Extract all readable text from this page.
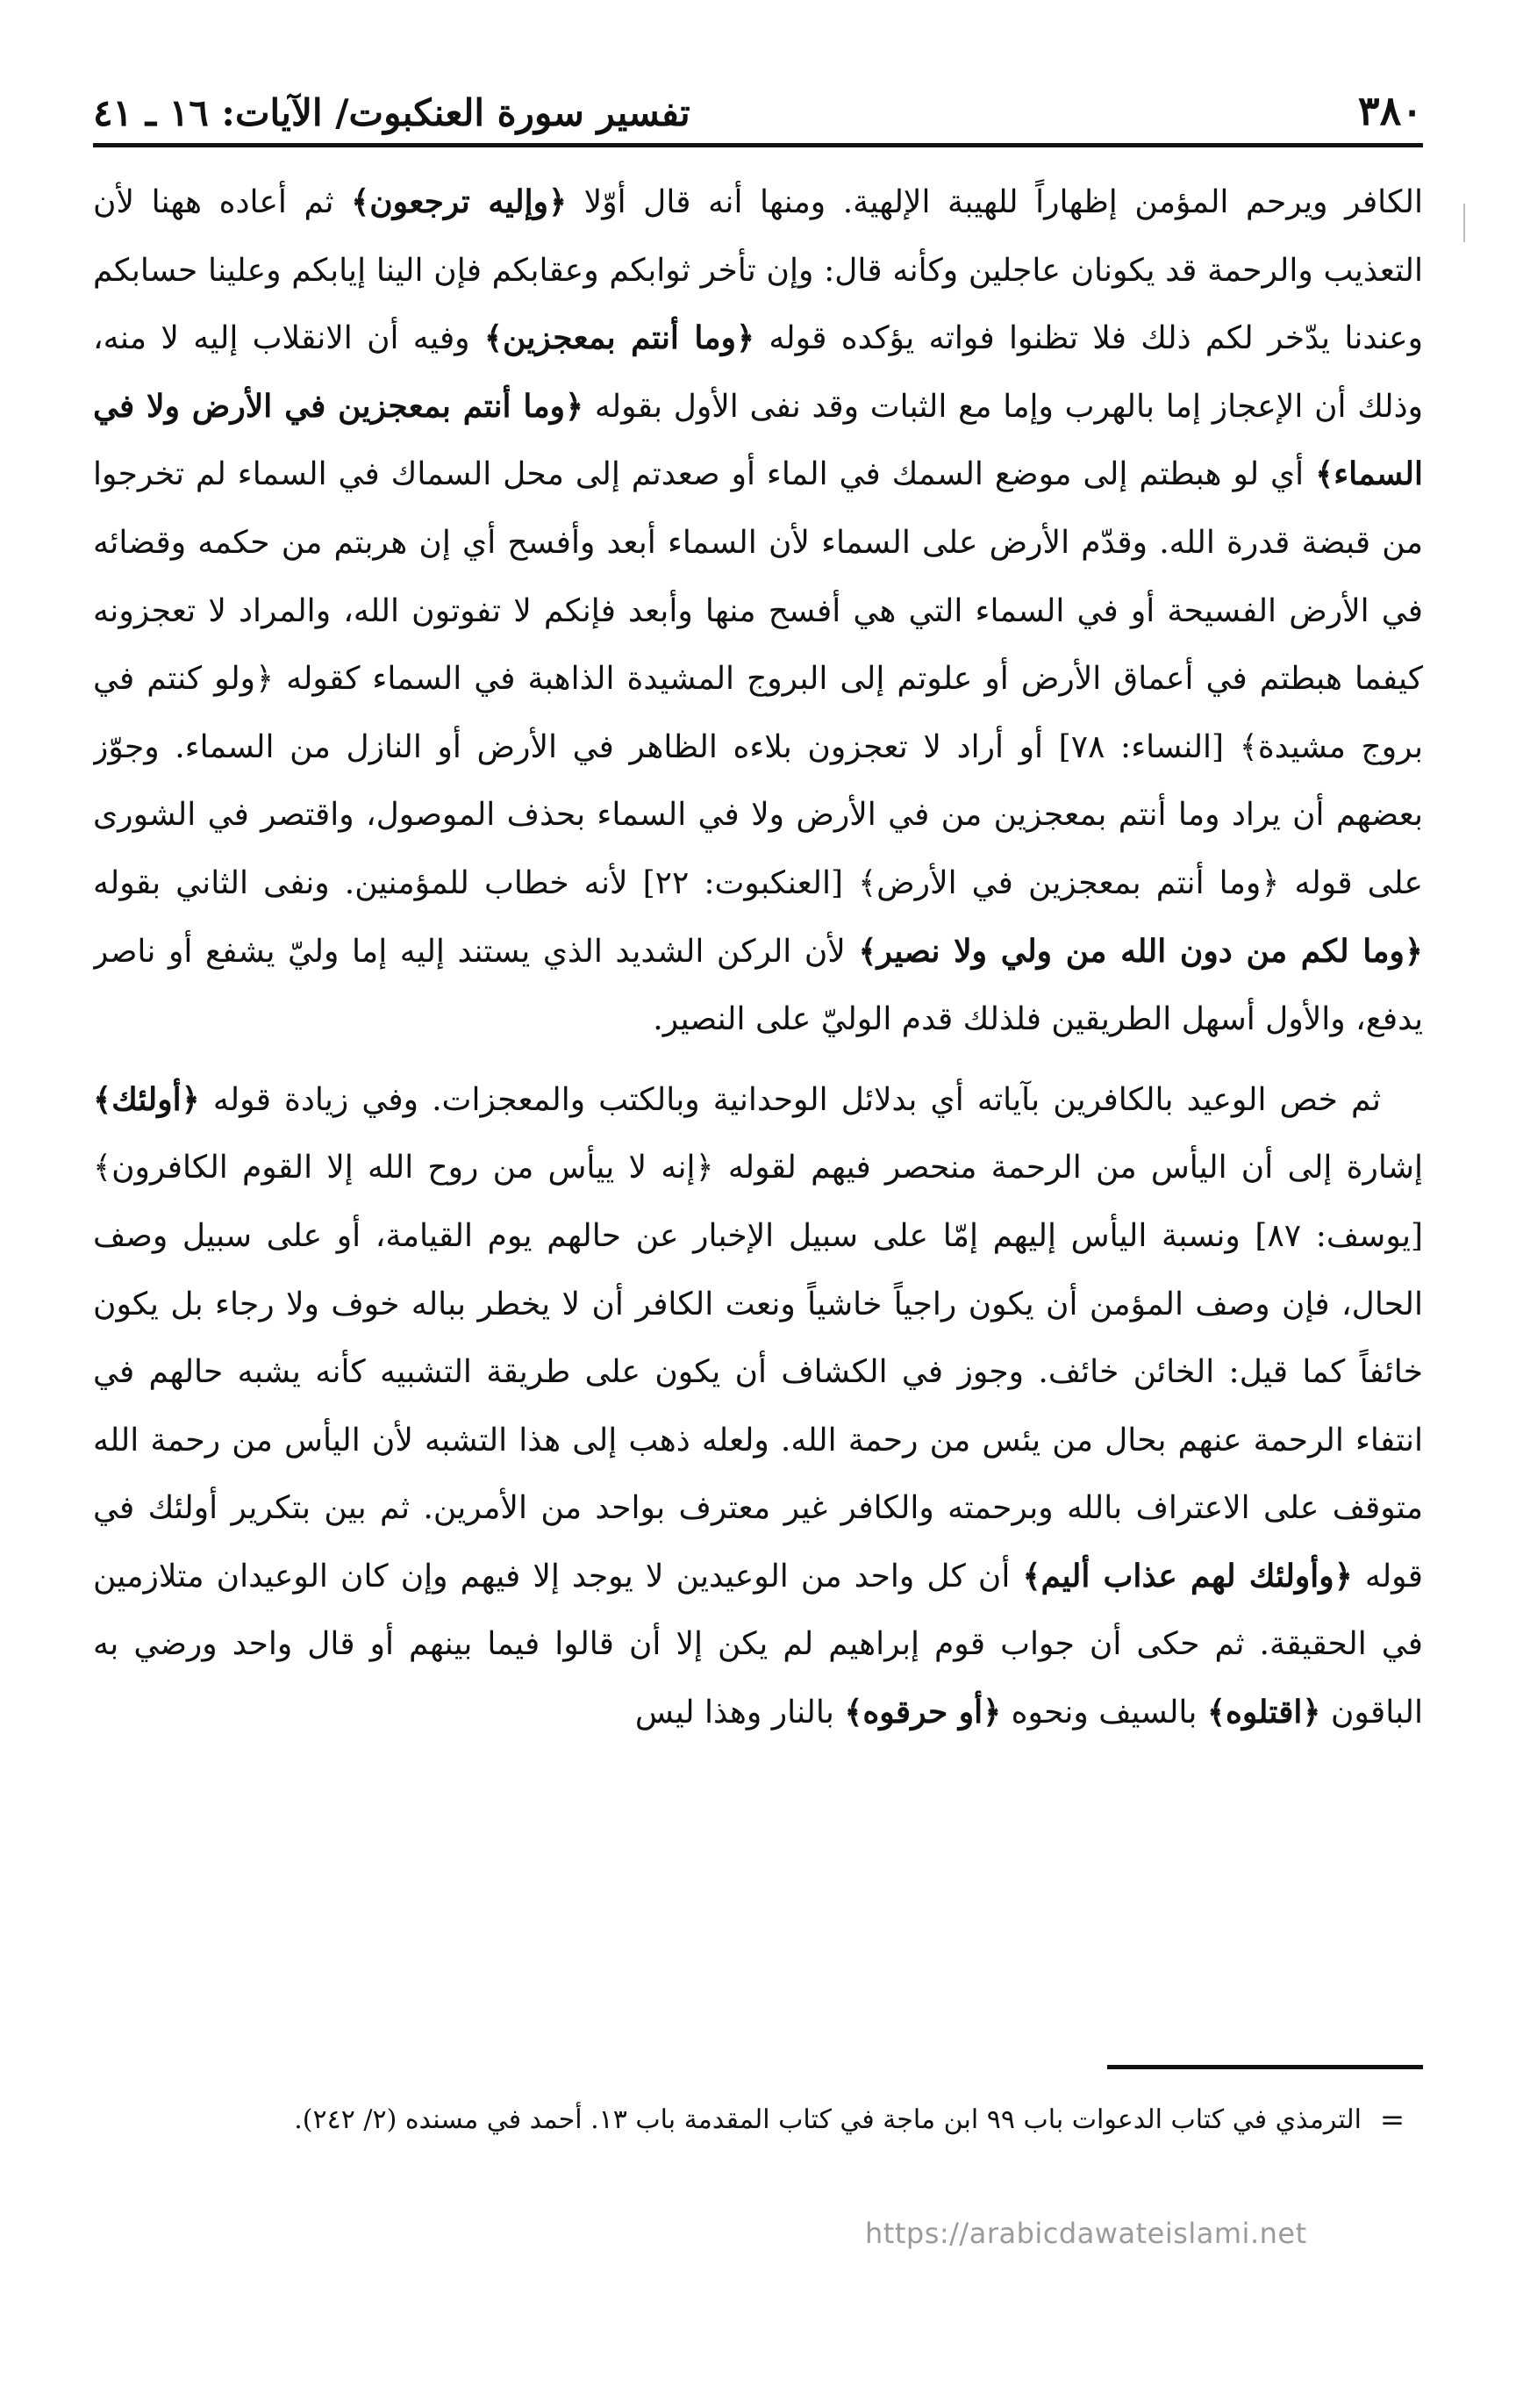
٣٨٠
تفسير سورة العنكبوت/ الآيات: ١٦ ـ ٤١

الكافر ويرحم المؤمن إظهاراً للهيبة الإلهية. ومنها أنه قال أوّلا ﴿وإليه ترجعون﴾ ثم أعاده ههنا لأن التعذيب والرحمة قد يكونان عاجلين وكأنه قال: وإن تأخر ثوابكم وعقابكم فإن الينا إيابكم وعلينا حسابكم وعندنا يدّخر لكم ذلك فلا تظنوا فواته يؤكده قوله ﴿وما أنتم بمعجزين﴾ وفيه أن الانقلاب إليه لا منه، وذلك أن الإعجاز إما بالهرب وإما مع الثبات وقد نفى الأول بقوله ﴿وما أنتم بمعجزين في الأرض ولا في السماء﴾ أي لو هبطتم إلى موضع السمك في الماء أو صعدتم إلى محل السماك في السماء لم تخرجوا من قبضة قدرة الله. وقدّم الأرض على السماء لأن السماء أبعد وأفسح أي إن هربتم من حكمه وقضائه في الأرض الفسيحة أو في السماء التي هي أفسح منها وأبعد فإنكم لا تفوتون الله، والمراد لا تعجزونه كيفما هبطتم في أعماق الأرض أو علوتم إلى البروج المشيدة الذاهبة في السماء كقوله ﴿ولو كنتم في بروج مشيدة﴾ [النساء: ٧٨] أو أراد لا تعجزون بلاءه الظاهر في الأرض أو النازل من السماء. وجوّز بعضهم أن يراد وما أنتم بمعجزين من في الأرض ولا في السماء بحذف الموصول، واقتصر في الشورى على قوله ﴿وما أنتم بمعجزين في الأرض﴾ [العنكبوت: ٢٢] لأنه خطاب للمؤمنين. ونفى الثاني بقوله ﴿وما لكم من دون الله من ولي ولا نصير﴾ لأن الركن الشديد الذي يستند إليه إما وليّ يشفع أو ناصر يدفع، والأول أسهل الطريقين فلذلك قدم الوليّ على النصير.

ثم خص الوعيد بالكافرين بآياته أي بدلائل الوحدانية وبالكتب والمعجزات. وفي زيادة قوله ﴿أولئك﴾ إشارة إلى أن اليأس من الرحمة منحصر فيهم لقوله ﴿إنه لا ييأس من روح الله إلا القوم الكافرون﴾ [يوسف: ٨٧] ونسبة اليأس إليهم إمّا على سبيل الإخبار عن حالهم يوم القيامة، أو على سبيل وصف الحال، فإن وصف المؤمن أن يكون راجياً خاشياً ونعت الكافر أن لا يخطر بباله خوف ولا رجاء بل يكون خائفاً كما قيل: الخائن خائف. وجوز في الكشاف أن يكون على طريقة التشبيه كأنه يشبه حالهم في انتفاء الرحمة عنهم بحال من يئس من رحمة الله. ولعله ذهب إلى هذا التشبه لأن اليأس من رحمة الله متوقف على الاعتراف بالله وبرحمته والكافر غير معترف بواحد من الأمرين. ثم بين بتكرير أولئك في قوله ﴿وأولئك لهم عذاب أليم﴾ أن كل واحد من الوعيدين لا يوجد إلا فيهم وإن كان الوعيدان متلازمين في الحقيقة. ثم حكى أن جواب قوم إبراهيم لم يكن إلا أن قالوا فيما بينهم أو قال واحد ورضي به الباقون ﴿اقتلوه﴾ بالسيف ونحوه ﴿أو حرقوه﴾ بالنار وهذا ليس

=
الترمذي في كتاب الدعوات باب ٩٩ ابن ماجة في كتاب المقدمة باب ١٣. أحمد في مسنده (٢/ ٢٤٢).
https://arabicdawateislami.net
